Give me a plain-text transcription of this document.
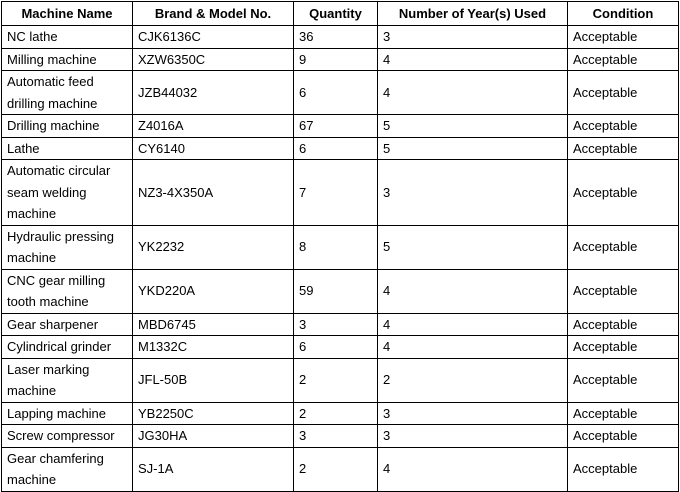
Machine Name	Brand & Model No.	Quantity	Number of Year(s) Used	Condition
NC lathe	CJK6136C	36	3	Acceptable
Milling machine	XZW6350C	9	4	Acceptable
Automatic feed drilling machine	JZB44032	6	4	Acceptable
Drilling machine	Z4016A	67	5	Acceptable
Lathe	CY6140	6	5	Acceptable
Automatic circular seam welding machine	NZ3-4X350A	7	3	Acceptable
Hydraulic pressing machine	YK2232	8	5	Acceptable
CNC gear milling tooth machine	YKD220A	59	4	Acceptable
Gear sharpener	MBD6745	3	4	Acceptable
Cylindrical grinder	M1332C	6	4	Acceptable
Laser marking machine	JFL-50B	2	2	Acceptable
Lapping machine	YB2250C	2	3	Acceptable
Screw compressor	JG30HA	3	3	Acceptable
Gear chamfering machine	SJ-1A	2	4	Acceptable
